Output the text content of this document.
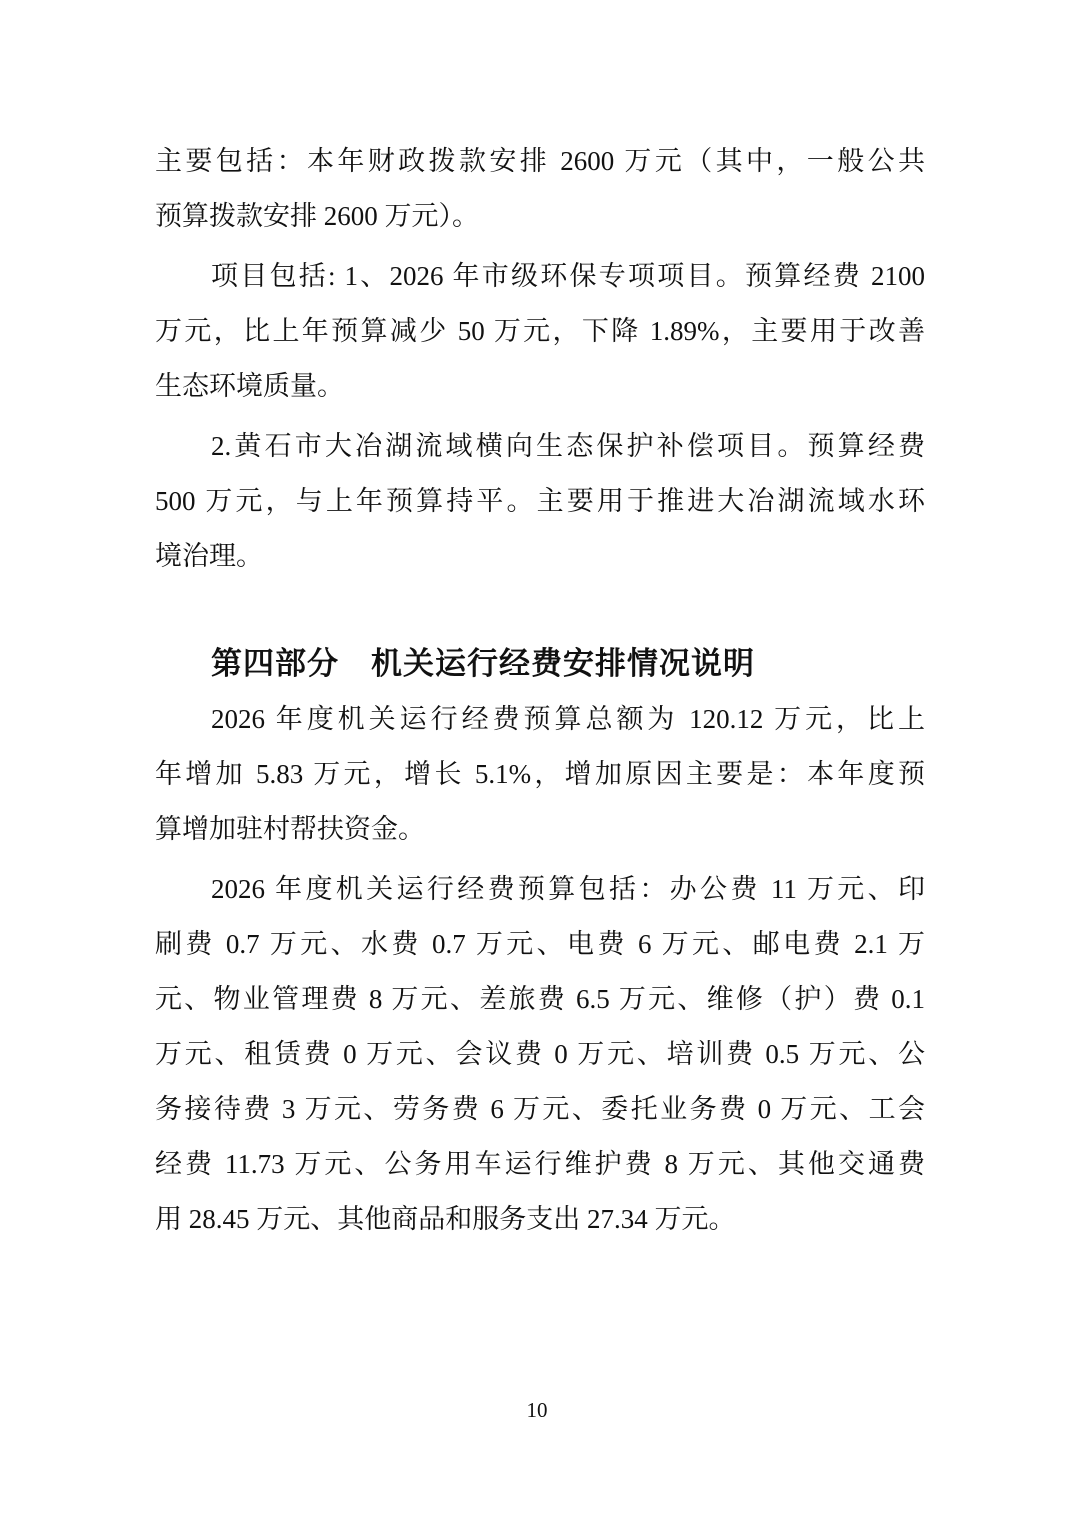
主要包括：本年财政拨款安排 2600 万元（其中，一般公共
预算拨款安排 2600 万元）。
项目包括: 1、2026 年市级环保专项项目。预算经费 2100
万元，比上年预算减少 50 万元，下降 1.89%，主要用于改善
生态环境质量。
2.黄石市大冶湖流域横向生态保护补偿项目。预算经费
500 万元，与上年预算持平。主要用于推进大冶湖流域水环
境治理。
第四部分　机关运行经费安排情况说明
2026 年度机关运行经费预算总额为 120.12 万元，比上
年增加 5.83 万元，增长 5.1%，增加原因主要是：本年度预
算增加驻村帮扶资金。
2026 年度机关运行经费预算包括：办公费 11 万元、印
刷费 0.7 万元、水费 0.7 万元、电费 6 万元、邮电费 2.1 万
元、物业管理费 8 万元、差旅费 6.5 万元、维修（护）费 0.1
万元、租赁费 0 万元、会议费 0 万元、培训费 0.5 万元、公
务接待费 3 万元、劳务费 6 万元、委托业务费 0 万元、工会
经费 11.73 万元、公务用车运行维护费 8 万元、其他交通费
用 28.45 万元、其他商品和服务支出 27.34 万元。
10
